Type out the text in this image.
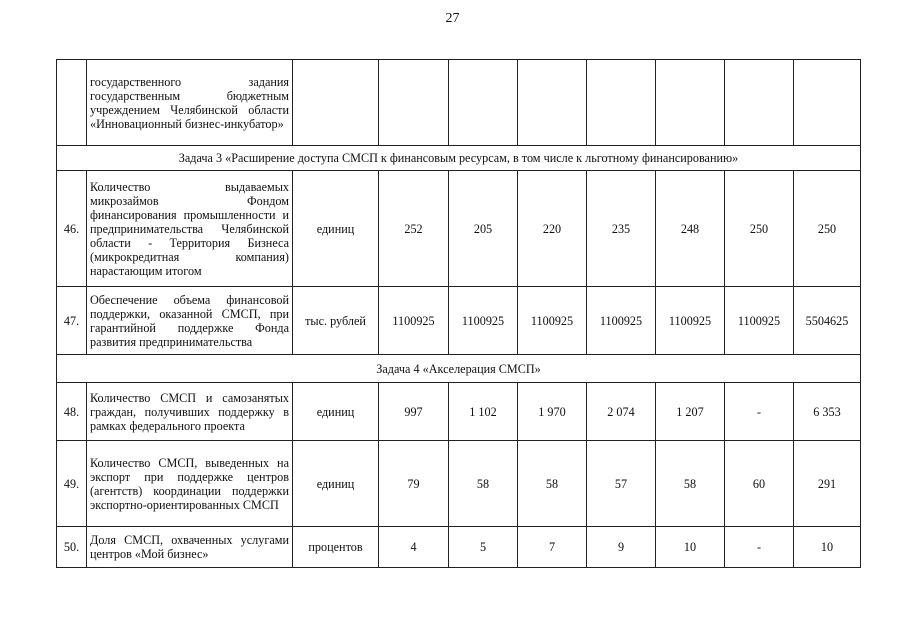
27
	государственного задания государственным бюджетным учреждением Челябинской области «Инновационный бизнес-инкубатор»								
Задача 3 «Расширение доступа СМСП к финансовым ресурсам, в том числе к льготному финансированию»									
46.	Количество выдаваемых микрозаймов Фондом финансирования промышленности и предпринимательства Челябинской области - Территория Бизнеса (микрокредитная компания) нарастающим итогом	единиц	252	205	220	235	248	250	250
47.	Обеспечение объема финансовой поддержки, оказанной СМСП, при гарантийной поддержке Фонда развития предпринимательства	тыс. рублей	1100925	1100925	1100925	1100925	1100925	1100925	5504625
Задача 4 «Акселерация СМСП»									
48.	Количество СМСП и самозанятых граждан, получивших поддержку в рамках федерального проекта	единиц	997	1 102	1 970	2 074	1 207	-	6 353
49.	Количество СМСП, выведенных на экспорт при поддержке центров (агентств) координации поддержки экспортно-ориентированных СМСП	единиц	79	58	58	57	58	60	291
50.	Доля СМСП, охваченных услугами центров «Мой бизнес»	процентов	4	5	7	9	10	-	10
